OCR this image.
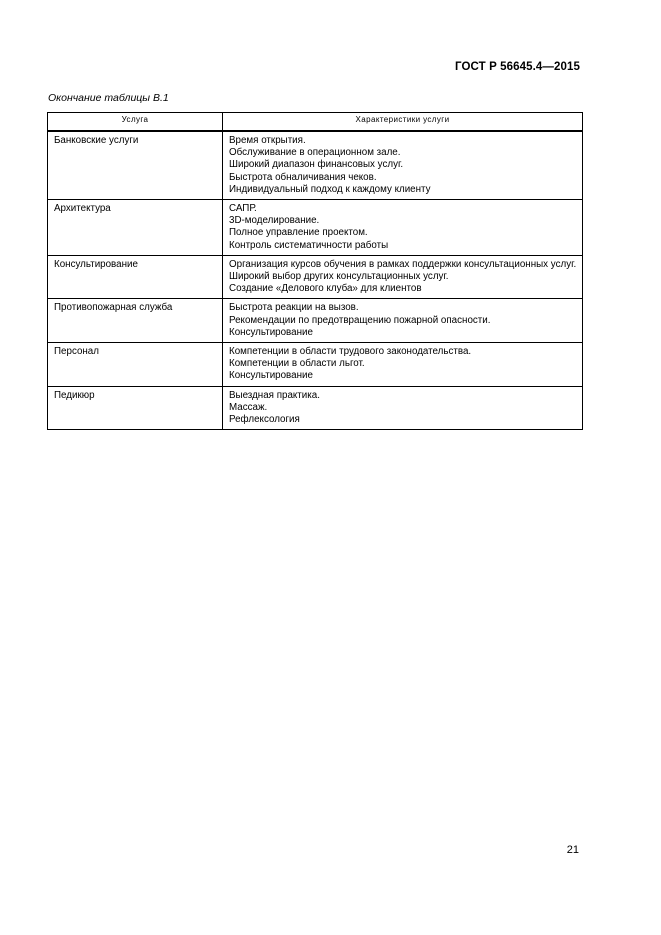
ГОСТ Р 56645.4—2015
Окончание таблицы В.1
Услуга	Характеристики услуги
Банковские услуги	Время открытия.
Обслуживание в операционном зале.
Широкий диапазон финансовых услуг.
Быстрота обналичивания чеков.
Индивидуальный подход к каждому клиенту

Архитектура	САПР.
3D-моделирование.
Полное управление проектом.
Контроль систематичности работы

Консультирование	Организация курсов обучения в рамках поддержки консультационных услуг.
Широкий выбор других консультационных услуг.
Создание «Делового клуба» для клиентов

Противопожарная служба	Быстрота реакции на вызов.
Рекомендации по предотвращению пожарной опасности.
Консультирование

Персонал	Компетенции в области трудового законодательства.
Компетенции в области льгот.
Консультирование

Педикюр	Выездная практика.
Массаж.
Рефлексология
21
